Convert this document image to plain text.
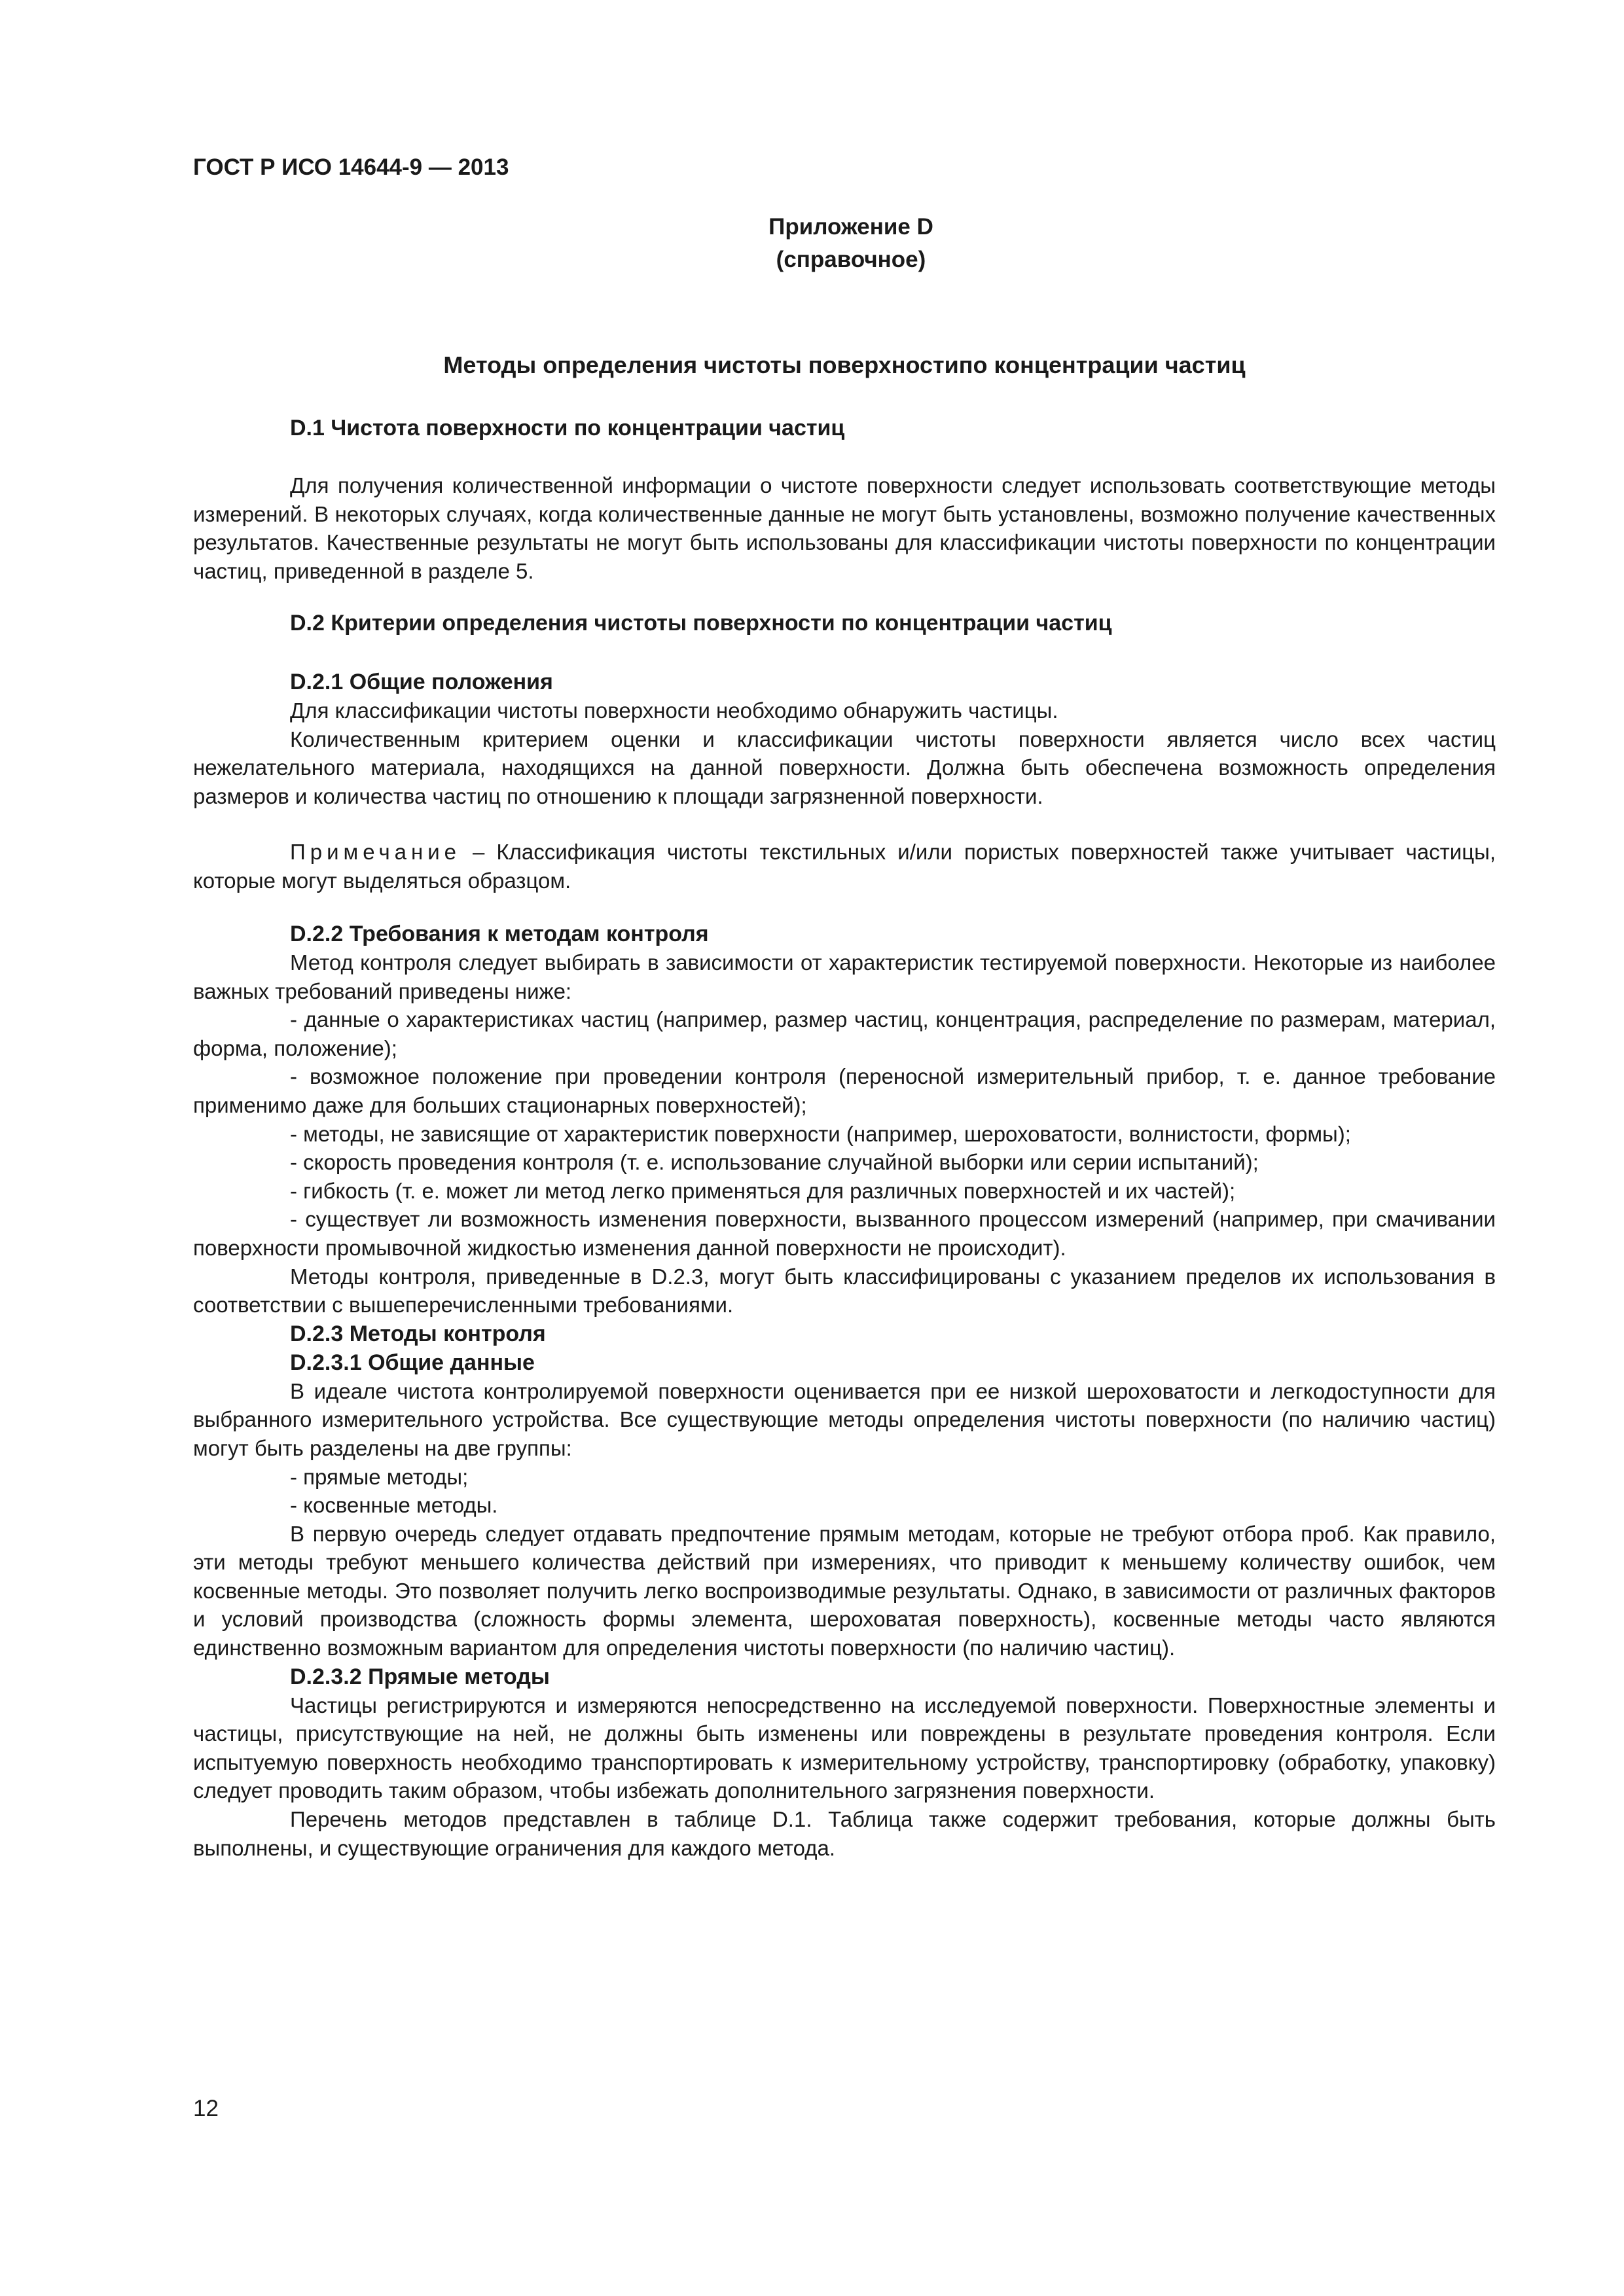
ГОСТ Р ИСО 14644-9 — 2013
Приложение D
(справочное)
Методы определения чистоты поверхностипо концентрации частиц

D.1 Чистота поверхности по концентрации частиц

Для получения количественной информации о чистоте поверхности следует использовать соответствующие методы измерений. В некоторых случаях, когда количественные данные не могут быть установлены, возможно получение качественных результатов. Качественные результаты не могут быть использованы для классификации чистоты поверхности по концентрации частиц, приведенной в разделе 5.

D.2 Критерии определения чистоты поверхности по концентрации частиц

D.2.1 Общие положения

Для классификации чистоты поверхности необходимо обнаружить частицы.

Количественным критерием оценки и классификации чистоты поверхности является число всех частиц нежелательного материала, находящихся на данной поверхности. Должна быть обеспечена возможность определения размеров и количества частиц по отношению к площади загрязненной поверхности.

Примечание – Классификация чистоты текстильных и/или пористых поверхностей также учитывает частицы, которые могут выделяться образцом.

D.2.2 Требования к методам контроля

Метод контроля следует выбирать в зависимости от характеристик тестируемой поверхности. Некоторые из наиболее важных требований приведены ниже:

- данные о характеристиках частиц (например, размер частиц, концентрация, распределение по размерам, материал, форма, положение);

- возможное положение при проведении контроля (переносной измерительный прибор, т. е. данное требование применимо даже для больших стационарных поверхностей);

- методы, не зависящие от характеристик поверхности (например, шероховатости, волнистости, формы);

- скорость проведения контроля (т. е. использование случайной выборки или серии испытаний);

- гибкость (т. е. может ли метод легко применяться для различных поверхностей и их частей);

- существует ли возможность изменения поверхности, вызванного процессом измерений (например, при смачивании поверхности промывочной жидкостью изменения данной поверхности не происходит).

Методы контроля, приведенные в D.2.3, могут быть классифицированы с указанием пределов их использования в соответствии с вышеперечисленными требованиями.

D.2.3 Методы контроля

D.2.3.1 Общие данные

В идеале чистота контролируемой поверхности оценивается при ее низкой шероховатости и легкодоступности для выбранного измерительного устройства. Все существующие методы определения чистоты поверхности (по наличию частиц) могут быть разделены на две группы:

- прямые методы;

- косвенные методы.

В первую очередь следует отдавать предпочтение прямым методам, которые не требуют отбора проб. Как правило, эти методы требуют меньшего количества действий при измерениях, что приводит к меньшему количеству ошибок, чем косвенные методы. Это позволяет получить легко воспроизводимые результаты. Однако, в зависимости от различных факторов и условий производства (сложность формы элемента, шероховатая поверхность), косвенные методы часто являются единственно возможным вариантом для определения чистоты поверхности (по наличию частиц).

D.2.3.2 Прямые методы

Частицы регистрируются и измеряются непосредственно на исследуемой поверхности. Поверхностные элементы и частицы, присутствующие на ней, не должны быть изменены или повреждены в результате проведения контроля. Если испытуемую поверхность необходимо транспортировать к измерительному устройству, транспортировку (обработку, упаковку) следует проводить таким образом, чтобы избежать дополнительного загрязнения поверхности.

Перечень методов представлен в таблице D.1. Таблица также содержит требования, которые должны быть выполнены, и существующие ограничения для каждого метода.

12
